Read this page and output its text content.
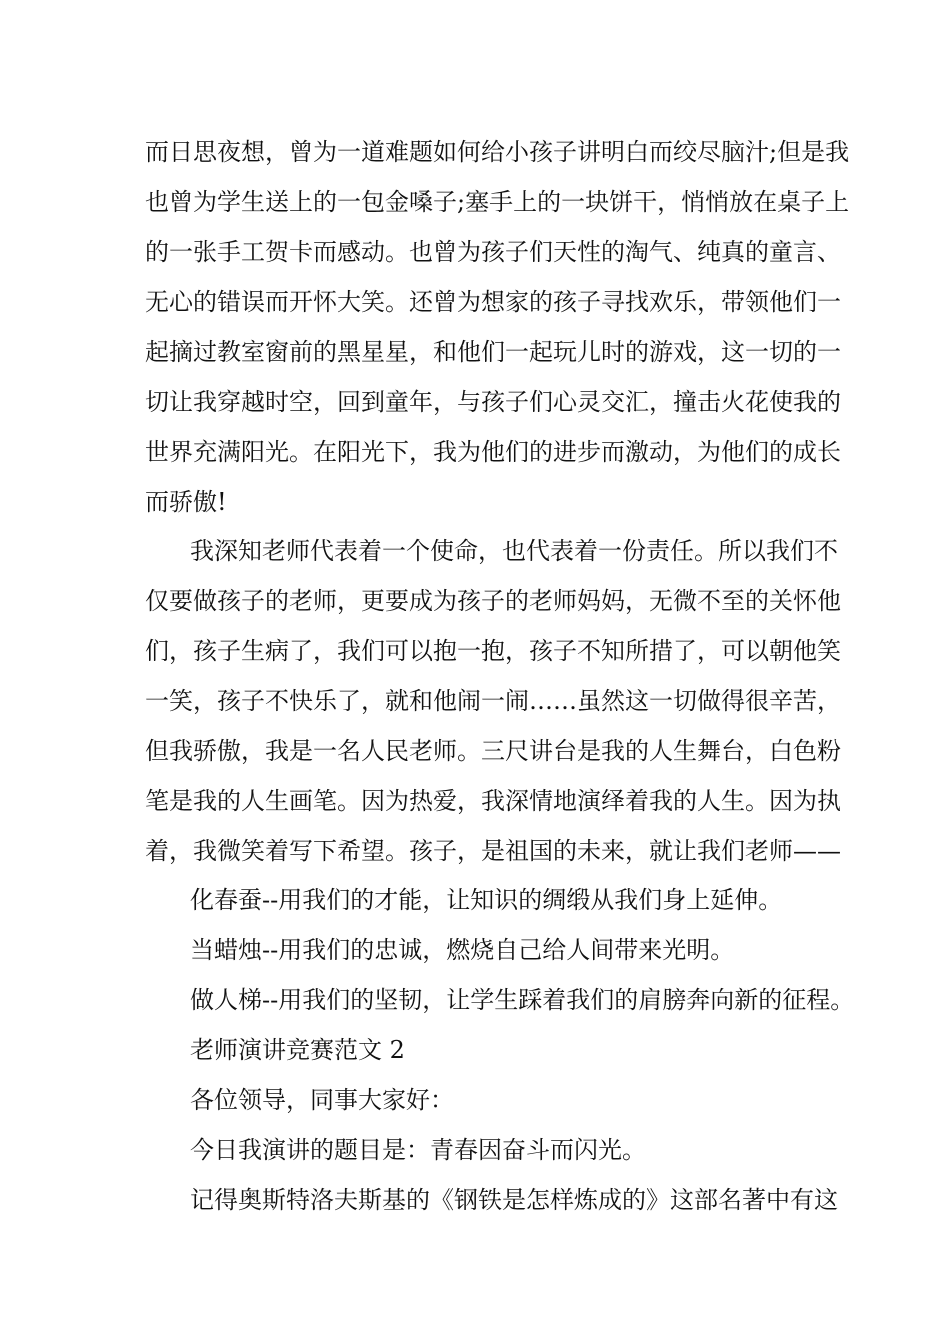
而日思夜想，曾为一道难题如何给小孩子讲明白而绞尽脑汁;但是我
也曾为学生送上的一包金嗓子;塞手上的一块饼干，悄悄放在桌子上
的一张手工贺卡而感动。也曾为孩子们天性的淘气、纯真的童言、
无心的错误而开怀大笑。还曾为想家的孩子寻找欢乐，带领他们一
起摘过教室窗前的黑星星，和他们一起玩儿时的游戏，这一切的一
切让我穿越时空，回到童年，与孩子们心灵交汇，撞击火花使我的
世界充满阳光。在阳光下，我为他们的进步而激动，为他们的成长
而骄傲!
我深知老师代表着一个使命，也代表着一份责任。所以我们不
仅要做孩子的老师，更要成为孩子的老师妈妈，无微不至的关怀他
们，孩子生病了，我们可以抱一抱，孩子不知所措了，可以朝他笑
一笑，孩子不快乐了，就和他闹一闹……虽然这一切做得很辛苦，
但我骄傲，我是一名人民老师。三尺讲台是我的人生舞台，白色粉
笔是我的人生画笔。因为热爱，我深情地演绎着我的人生。因为执
着，我微笑着写下希望。孩子，是祖国的未来，就让我们老师——
化春蚕--用我们的才能，让知识的绸缎从我们身上延伸。
当蜡烛--用我们的忠诚，燃烧自己给人间带来光明。
做人梯--用我们的坚韧，让学生踩着我们的肩膀奔向新的征程。
老师演讲竞赛范文 2
各位领导，同事大家好：
今日我演讲的题目是：青春因奋斗而闪光。
记得奥斯特洛夫斯基的《钢铁是怎样炼成的》这部名著中有这
